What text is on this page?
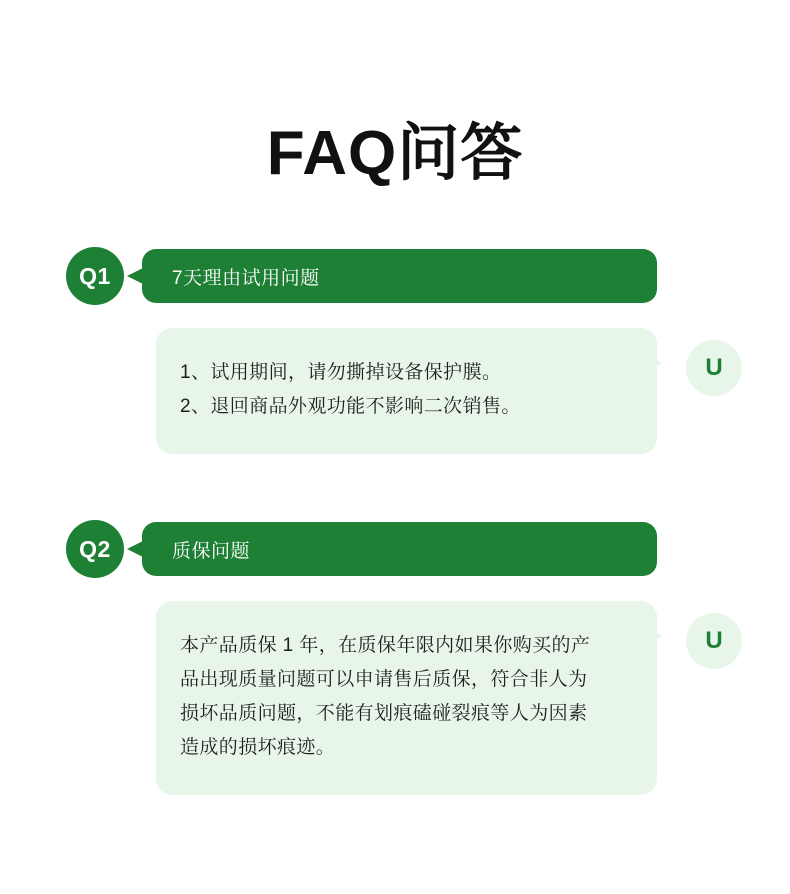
FAQ问答
Q1	7天理由试用问题
1、试用期间，请勿撕掉设备保护膜。
2、退回商品外观功能不影响二次销售。
U
Q2	质保问题
本产品质保 1 年，在质保年限内如果你购买的产
品出现质量问题可以申请售后质保，符合非人为
损坏品质问题，不能有划痕磕碰裂痕等人为因素
造成的损坏痕迹。
U
